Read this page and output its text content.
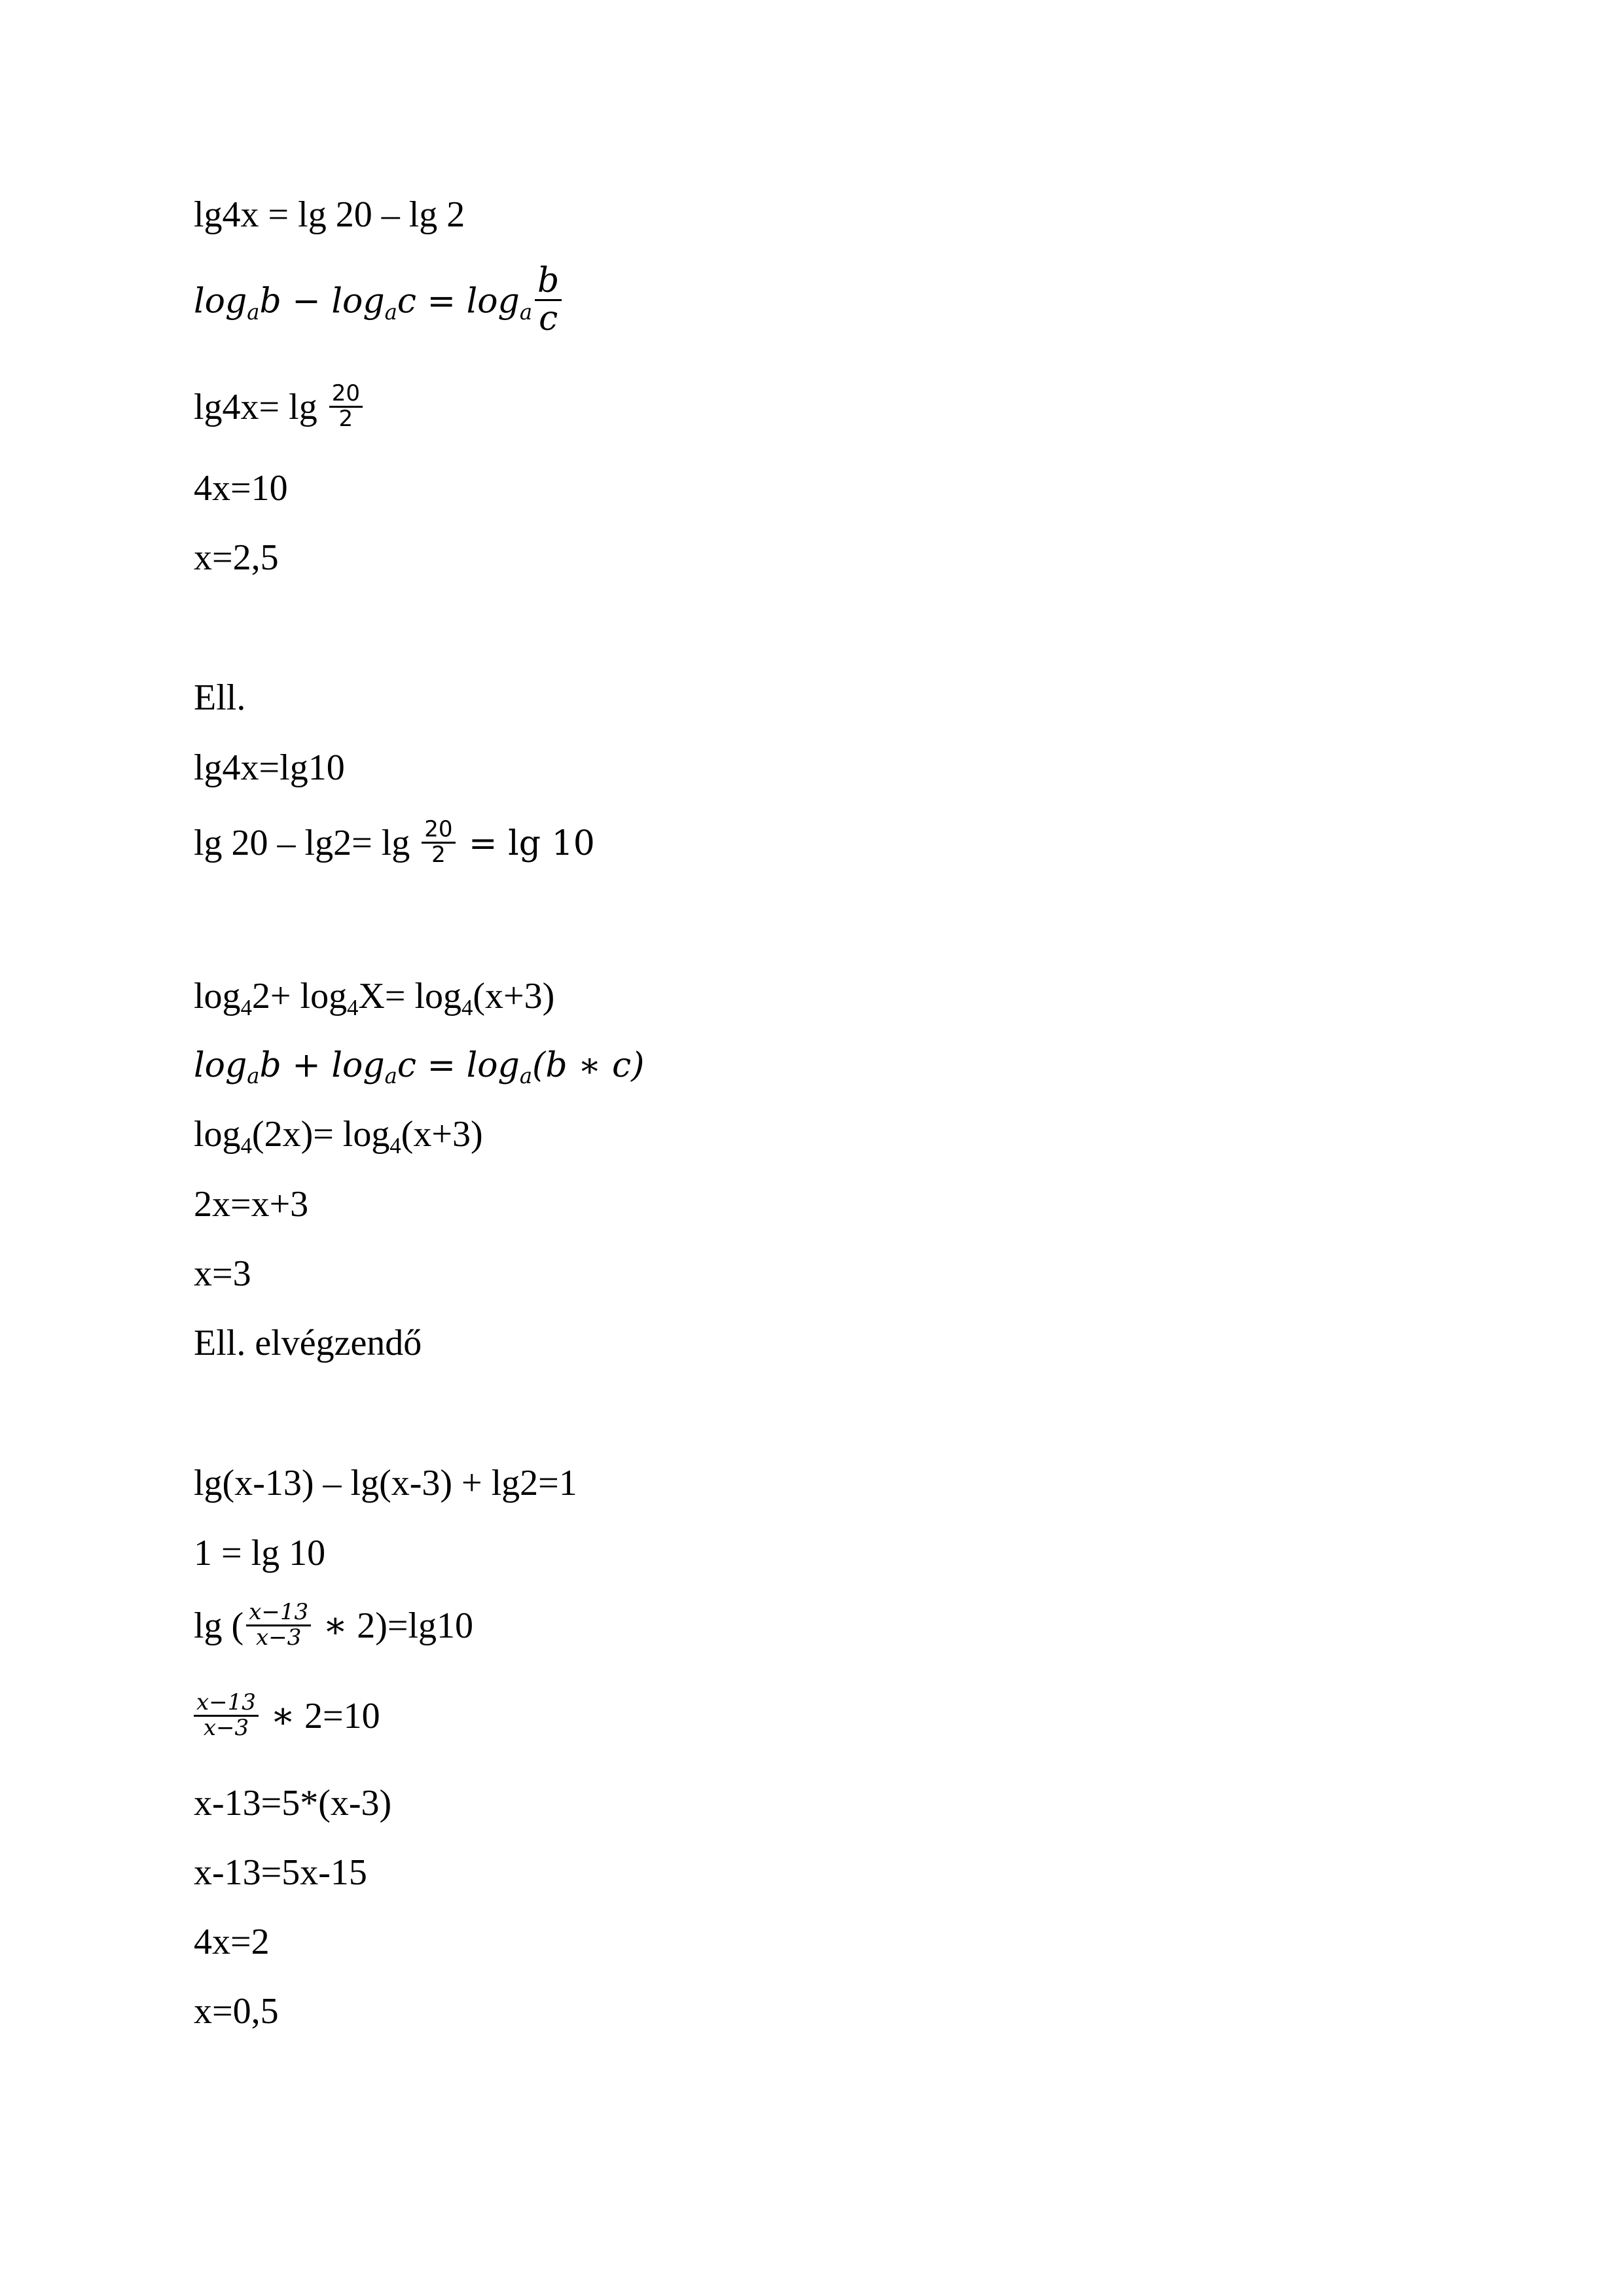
lg4x = lg 20 – lg 2
logab − logac = loga $\frac{b}{c}$
$\lg 4x= \lg \frac{20}{2}$
4x=10
x=2,5
Ell.
lg4x=lg10
$\lg 20 - \lg 2= \lg \frac{20}{2} = \lg 10$
log42+ log4X= log4(x+3)
logab + logac = loga(b ∗ c)
log4(2x)= log4(x+3)
2x=x+3
x=3
Ell. elvégzendő
lg(x-13) – lg(x-3) + lg2=1
1 = lg 10
lg ( $\frac{x-13}{x-3}$ ∗ 2)=lg10
$\frac{x-13}{x-3}$ ∗ 2=10
x-13=5*(x-3)
x-13=5x-15
4x=2
x=0,5
